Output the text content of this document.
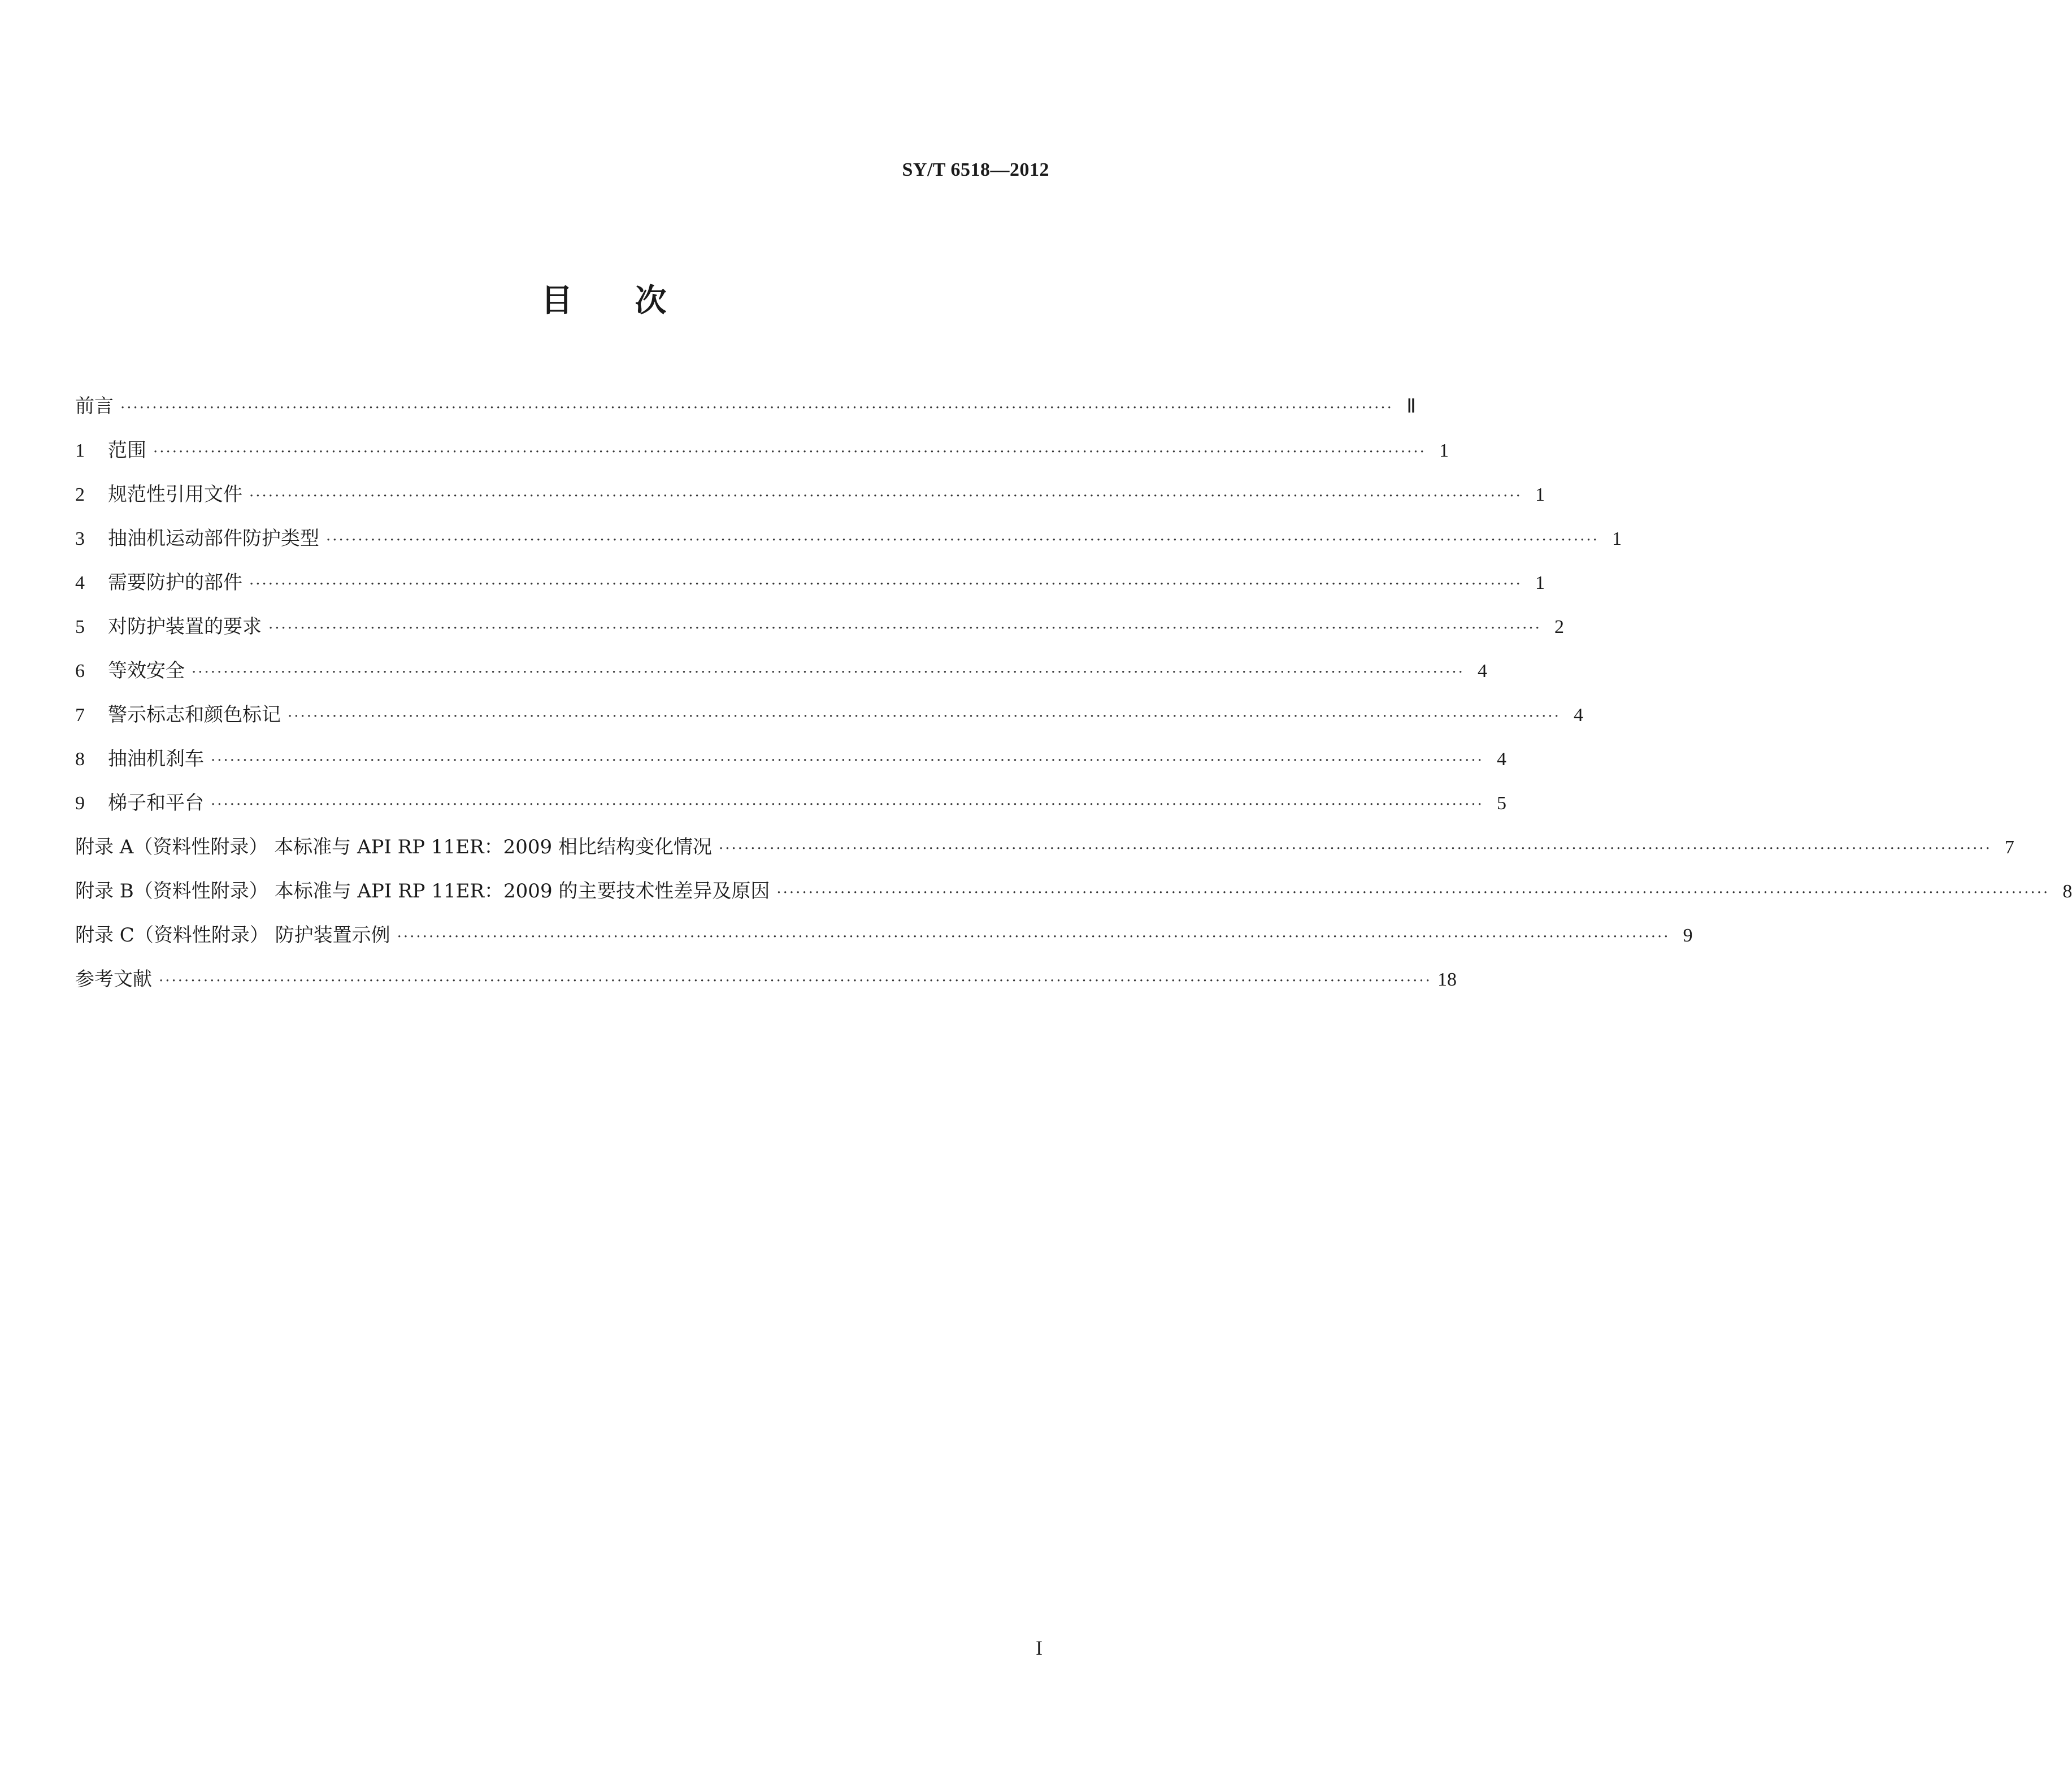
SY/T 6518—2012
目次
前言 ········································································································································································································ Ⅱ
1	范围 ········································································································································································································ 1
2	规范性引用文件 ········································································································································································································ 1
3	抽油机运动部件防护类型 ········································································································································································································ 1
4	需要防护的部件 ········································································································································································································ 1
5	对防护装置的要求 ········································································································································································································ 2
6	等效安全 ········································································································································································································ 4
7	警示标志和颜色标记 ········································································································································································································ 4
8	抽油机刹车 ········································································································································································································ 4
9	梯子和平台 ········································································································································································································ 5
附录 A（资料性附录） 本标准与 API RP 11ER：2009 相比结构变化情况 ········································································································································································································ 7
附录 B（资料性附录） 本标准与 API RP 11ER：2009 的主要技术性差异及原因 ········································································································································································································ 8
附录 C（资料性附录） 防护装置示例 ········································································································································································································ 9
参考文献 ········································································································································································································ 18
I
